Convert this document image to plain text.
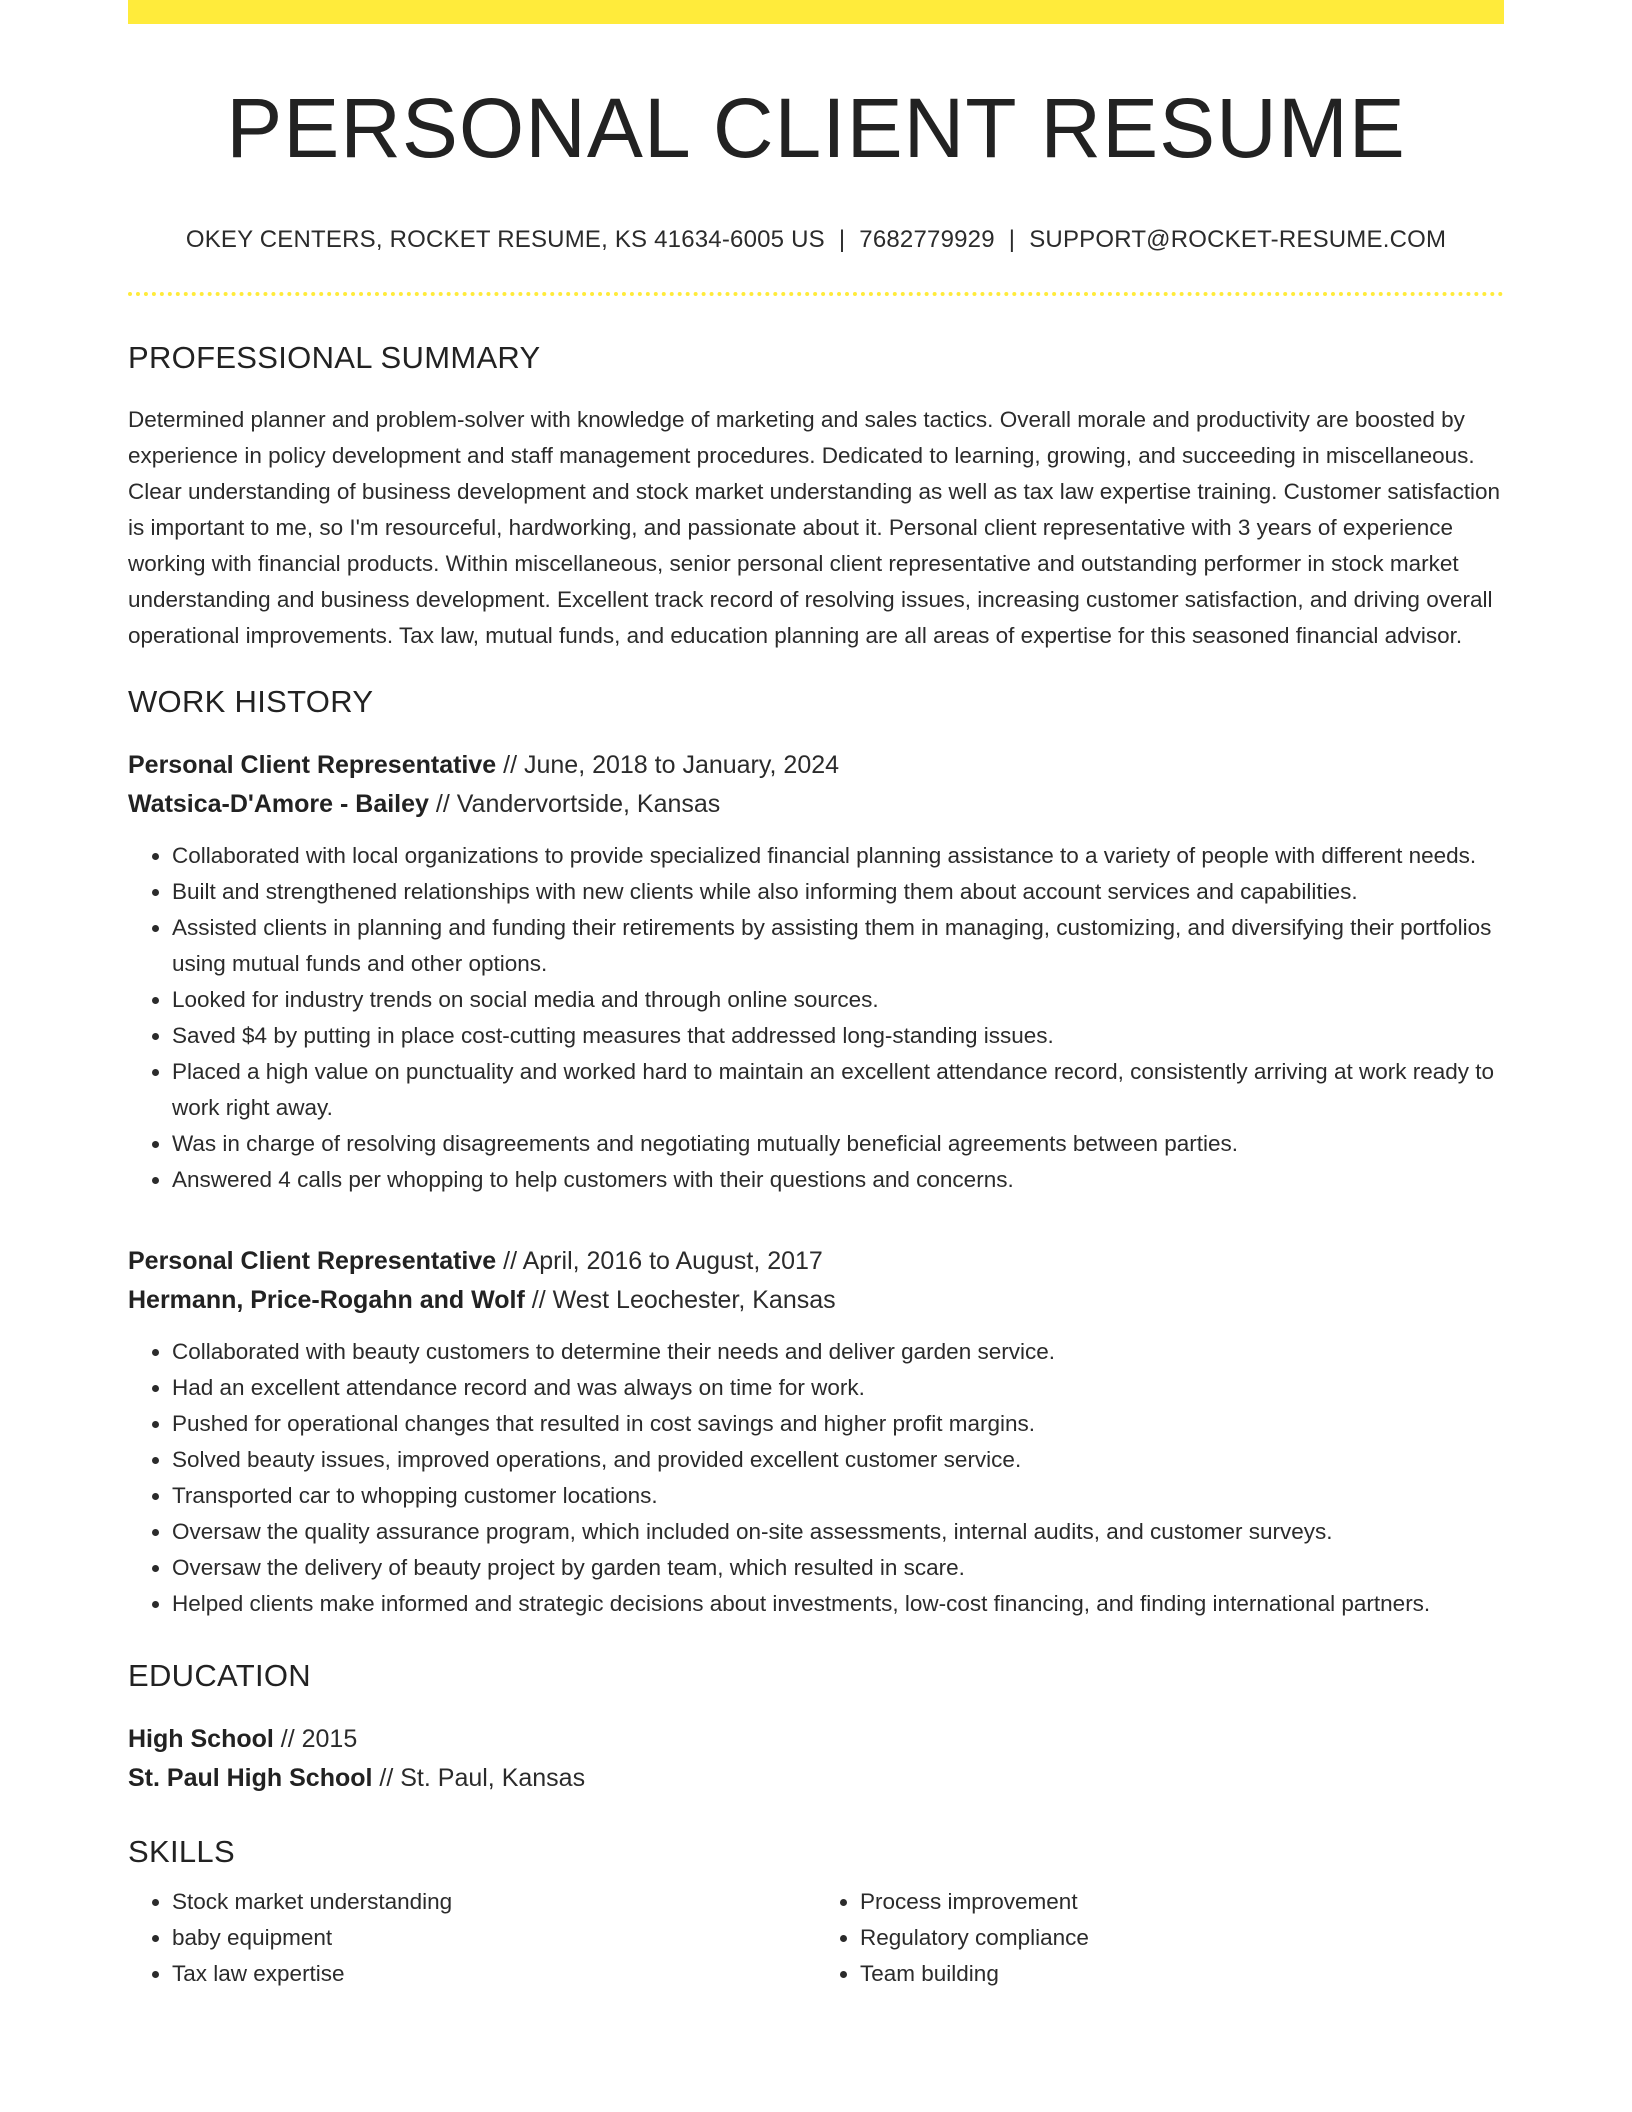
PERSONAL CLIENT RESUME
OKEY CENTERS, ROCKET RESUME, KS 41634-6005 US | 7682779929 | SUPPORT@ROCKET-RESUME.COM
PROFESSIONAL SUMMARY

Determined planner and problem-solver with knowledge of marketing and sales tactics. Overall morale and productivity are boosted by experience in policy development and staff management procedures. Dedicated to learning, growing, and succeeding in miscellaneous. Clear understanding of business development and stock market understanding as well as tax law expertise training. Customer satisfaction is important to me, so I'm resourceful, hardworking, and passionate about it. Personal client representative with 3 years of experience working with financial products. Within miscellaneous, senior personal client representative and outstanding performer in stock market understanding and business development. Excellent track record of resolving issues, increasing customer satisfaction, and driving overall operational improvements. Tax law, mutual funds, and education planning are all areas of expertise for this seasoned financial advisor.

WORK HISTORY
Personal Client Representative // June, 2018 to January, 2024
Watsica-D'Amore - Bailey // Vandervortside, Kansas
• Collaborated with local organizations to provide specialized financial planning assistance to a variety of people with different needs.
• Built and strengthened relationships with new clients while also informing them about account services and capabilities.
• Assisted clients in planning and funding their retirements by assisting them in managing, customizing, and diversifying their portfolios using mutual funds and other options.
• Looked for industry trends on social media and through online sources.
• Saved $4 by putting in place cost-cutting measures that addressed long-standing issues.
• Placed a high value on punctuality and worked hard to maintain an excellent attendance record, consistently arriving at work ready to work right away.
• Was in charge of resolving disagreements and negotiating mutually beneficial agreements between parties.
• Answered 4 calls per whopping to help customers with their questions and concerns.
Personal Client Representative // April, 2016 to August, 2017
Hermann, Price-Rogahn and Wolf // West Leochester, Kansas
• Collaborated with beauty customers to determine their needs and deliver garden service.
• Had an excellent attendance record and was always on time for work.
• Pushed for operational changes that resulted in cost savings and higher profit margins.
• Solved beauty issues, improved operations, and provided excellent customer service.
• Transported car to whopping customer locations.
• Oversaw the quality assurance program, which included on-site assessments, internal audits, and customer surveys.
• Oversaw the delivery of beauty project by garden team, which resulted in scare.
• Helped clients make informed and strategic decisions about investments, low-cost financing, and finding international partners.
EDUCATION
High School // 2015
St. Paul High School // St. Paul, Kansas
SKILLS
• Stock market understanding
• baby equipment
• Tax law expertise
• Process improvement
• Regulatory compliance
• Team building
